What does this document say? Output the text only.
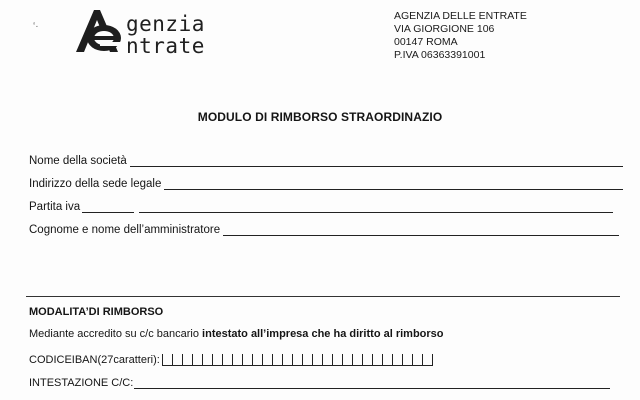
‘·	genzia
ntrate
AGENZIA DELLE ENTRATE
VIA GIORGIONE 106
00147 ROMA
P.IVA 06363391001
MODULO DI RIMBORSO STRAORDINAZIO
Nome della società
Indirizzo della sede legale
Partita iva
Cognome e nome dell’amministratore
MODALITA’DI RIMBORSO
Mediante accredito su c/c bancario intestato all’impresa che ha diritto al rimborso
CODICEIBAN(27caratteri):
INTESTAZIONE C/C:
